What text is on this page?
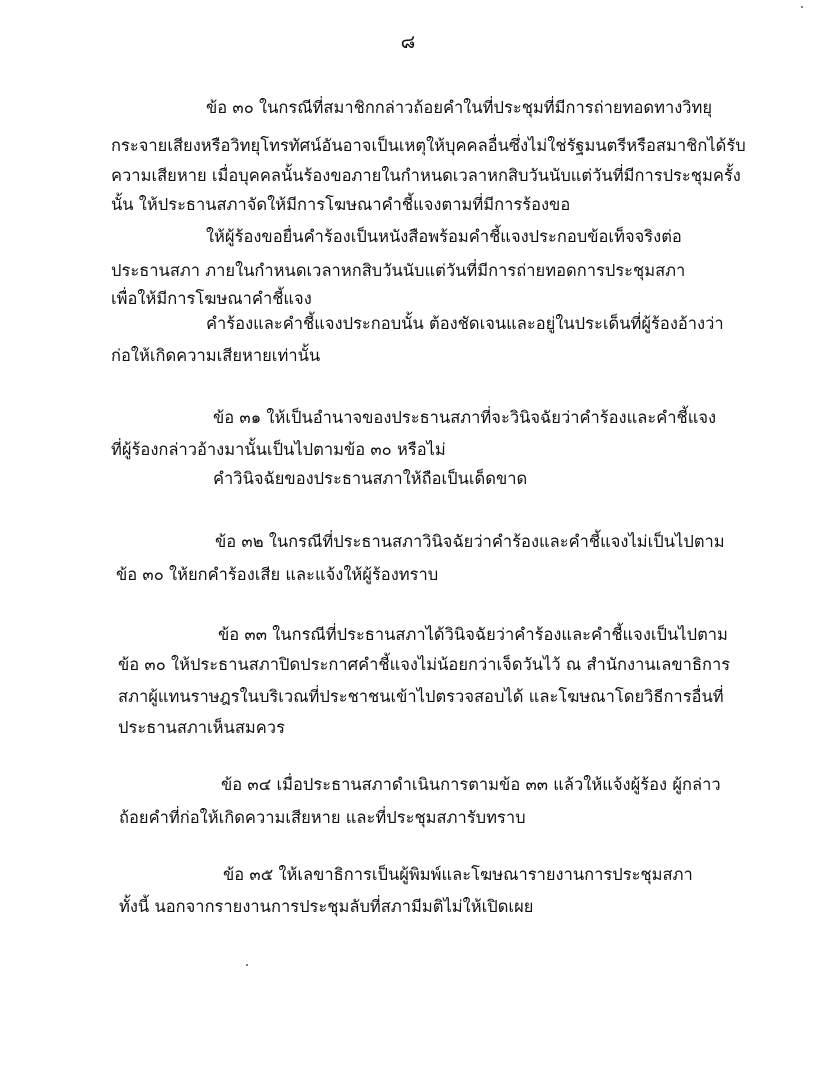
๘
ข้อ ๓๐ ในกรณีที่สมาชิกกล่าวถ้อยคำในที่ประชุมที่มีการถ่ายทอดทางวิทยุ
กระจายเสียงหรือวิทยุโทรทัศน์อันอาจเป็นเหตุให้บุคคลอื่นซึ่งไม่ใช่รัฐมนตรีหรือสมาชิกได้รับ
ความเสียหาย เมื่อบุคคลนั้นร้องขอภายในกำหนดเวลาหกสิบวันนับแต่วันที่มีการประชุมครั้ง
นั้น ให้ประธานสภาจัดให้มีการโฆษณาคำชี้แจงตามที่มีการร้องขอ
ให้ผู้ร้องขอยื่นคำร้องเป็นหนังสือพร้อมคำชี้แจงประกอบข้อเท็จจริงต่อ
ประธานสภา ภายในกำหนดเวลาหกสิบวันนับแต่วันที่มีการถ่ายทอดการประชุมสภา
เพื่อให้มีการโฆษณาคำชี้แจง
คำร้องและคำชี้แจงประกอบนั้น ต้องชัดเจนและอยู่ในประเด็นที่ผู้ร้องอ้างว่า
ก่อให้เกิดความเสียหายเท่านั้น
ข้อ ๓๑ ให้เป็นอำนาจของประธานสภาที่จะวินิจฉัยว่าคำร้องและคำชี้แจง
ที่ผู้ร้องกล่าวอ้างมานั้นเป็นไปตามข้อ ๓๐ หรือไม่
คำวินิจฉัยของประธานสภาให้ถือเป็นเด็ดขาด
ข้อ ๓๒ ในกรณีที่ประธานสภาวินิจฉัยว่าคำร้องและคำชี้แจงไม่เป็นไปตาม
ข้อ ๓๐ ให้ยกคำร้องเสีย และแจ้งให้ผู้ร้องทราบ
ข้อ ๓๓ ในกรณีที่ประธานสภาได้วินิจฉัยว่าคำร้องและคำชี้แจงเป็นไปตาม
ข้อ ๓๐ ให้ประธานสภาปิดประกาศคำชี้แจงไม่น้อยกว่าเจ็ดวันไว้ ณ สำนักงานเลขาธิการ
สภาผู้แทนราษฎรในบริเวณที่ประชาชนเข้าไปตรวจสอบได้ และโฆษณาโดยวิธีการอื่นที่
ประธานสภาเห็นสมควร
ข้อ ๓๔ เมื่อประธานสภาดำเนินการตามข้อ ๓๓ แล้วให้แจ้งผู้ร้อง ผู้กล่าว
ถ้อยคำที่ก่อให้เกิดความเสียหาย และที่ประชุมสภารับทราบ
ข้อ ๓๕ ให้เลขาธิการเป็นผู้พิมพ์และโฆษณารายงานการประชุมสภา
ทั้งนี้ นอกจากรายงานการประชุมลับที่สภามีมติไม่ให้เปิดเผย
